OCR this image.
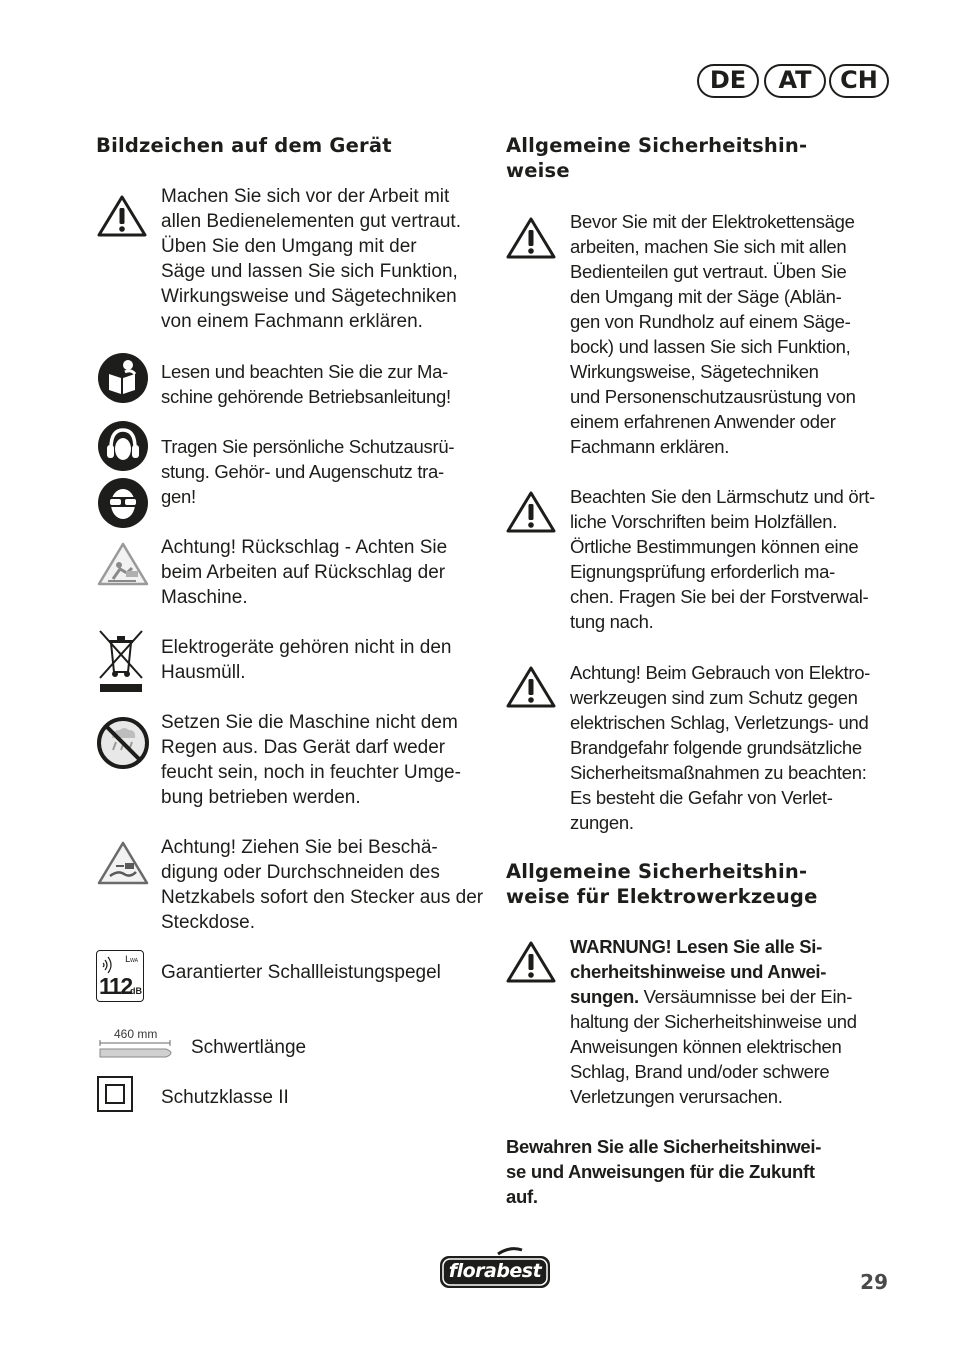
DE	AT	CH
Bildzeichen auf dem Gerät
Machen Sie sich vor der Arbeit mit
allen Bedienelementen gut vertraut.
Üben Sie den Umgang mit der
Säge und lassen Sie sich Funktion,
Wirkungsweise und Sägetechniken
von einem Fachmann erklären.
Lesen und beachten Sie die zur Ma-
schine gehörende Betriebsanleitung!
Tragen Sie persönliche Schutzausrü-
stung. Gehör- und Augenschutz tra-
gen!
Achtung! Rückschlag - Achten Sie
beim Arbeiten auf Rückschlag der
Maschine.
Elektrogeräte gehören nicht in den
Hausmüll.
Setzen Sie die Maschine nicht dem
Regen aus. Das Gerät darf weder
feucht sein, noch in feuchter Umge-
bung betrieben werden.
Achtung! Ziehen Sie bei Beschä-
digung oder Durchschneiden des
Netzkabels sofort den Stecker aus der
Steckdose.
LWA
112
dB
Garantierter Schallleistungspegel
460 mm
Schwertlänge
Schutzklasse II
Allgemeine Sicherheitshin-
weise
Bevor Sie mit der Elektrokettensäge
arbeiten, machen Sie sich mit allen
Bedienteilen gut vertraut. Üben Sie
den Umgang mit der Säge (Ablän-
gen von Rundholz auf einem Säge-
bock) und lassen Sie sich Funktion,
Wirkungsweise, Sägetechniken
und Personenschutzausrüstung von
einem erfahrenen Anwender oder
Fachmann erklären.
Beachten Sie den Lärmschutz und ört-
liche Vorschriften beim Holzfällen.
Örtliche Bestimmungen können eine
Eignungsprüfung erforderlich ma-
chen. Fragen Sie bei der Forstverwal-
tung nach.
Achtung! Beim Gebrauch von Elektro-
werkzeugen sind zum Schutz gegen
elektrischen Schlag, Verletzungs- und
Brandgefahr folgende grundsätzliche
Sicherheitsmaßnahmen zu beachten:
Es besteht die Gefahr von Verlet-
zungen.
Allgemeine Sicherheitshin-
weise für Elektrowerkzeuge
WARNUNG! Lesen Sie alle Si-
cherheitshinweise und Anwei-
sungen. Versäumnisse bei der Ein-
haltung der Sicherheitshinweise und
Anweisungen können elektrischen
Schlag, Brand und/oder schwere
Verletzungen verursachen.
Bewahren Sie alle Sicherheitshinwei-
se und Anweisungen für die Zukunft
auf.
florabest	29
